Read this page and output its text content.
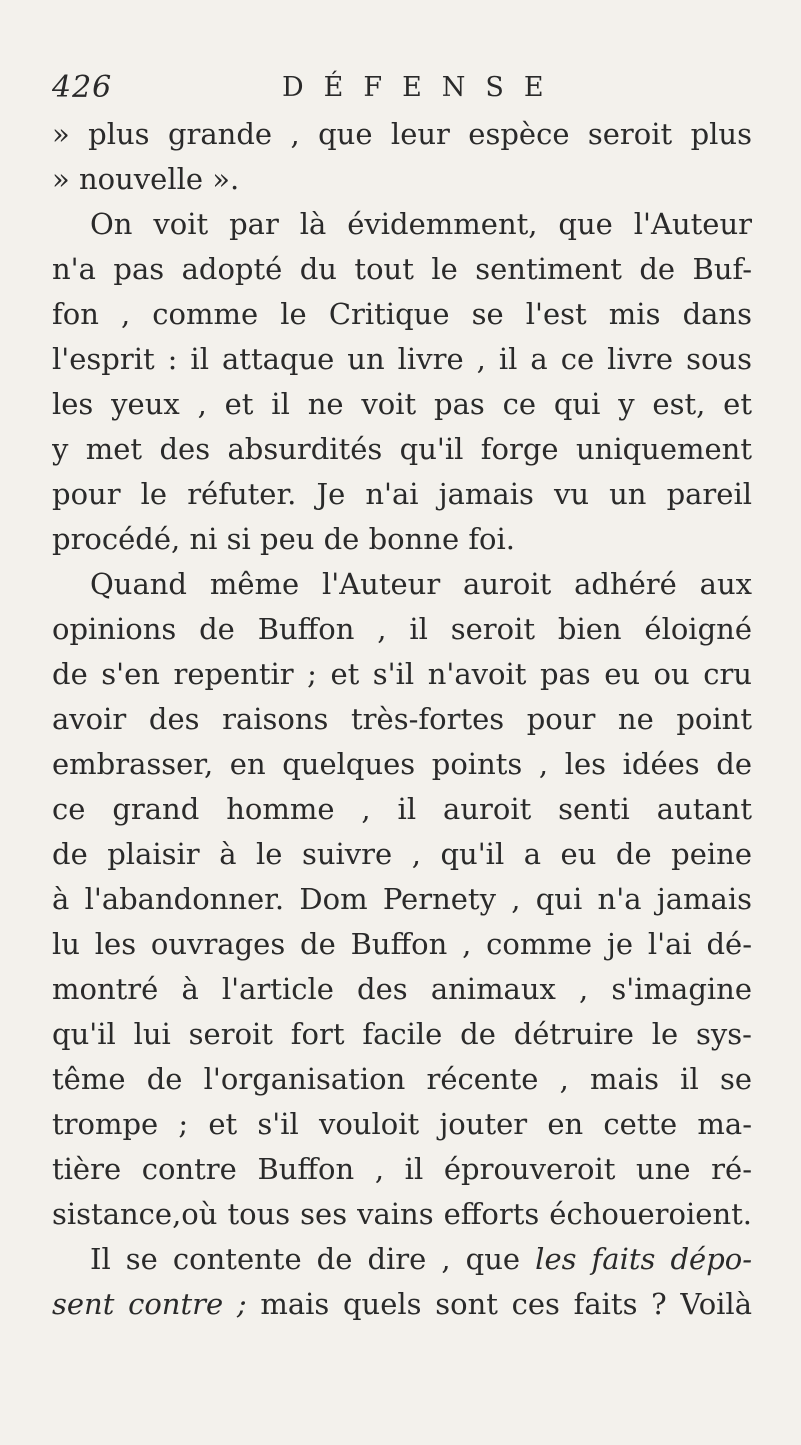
426	DÉFENSE
» plus grande , que leur espèce seroit plus
» nouvelle ».
On voit par là évidemment, que l'Auteur
n'a pas adopté du tout le sentiment de Buf-
fon , comme le Critique se l'est mis dans
l'esprit : il attaque un livre , il a ce livre sous
les yeux , et il ne voit pas ce qui y est, et
y met des absurdités qu'il forge uniquement
pour le réfuter. Je n'ai jamais vu un pareil
procédé, ni si peu de bonne foi.
Quand même l'Auteur auroit adhéré aux
opinions de Buffon , il seroit bien éloigné
de s'en repentir ; et s'il n'avoit pas eu ou cru
avoir des raisons très-fortes pour ne point
embrasser, en quelques points , les idées de
ce grand homme , il auroit senti autant
de plaisir à le suivre , qu'il a eu de peine
à l'abandonner. Dom Pernety , qui n'a jamais
lu les ouvrages de Buffon , comme je l'ai dé-
montré à l'article des animaux , s'imagine
qu'il lui seroit fort facile de détruire le sys-
tême de l'organisation récente , mais il se
trompe ; et s'il vouloit jouter en cette ma-
tière contre Buffon , il éprouveroit une ré-
sistance,où tous ses vains efforts échoueroient.
Il se contente de dire , que les faits dépo-
sent contre ; mais quels sont ces faits ? Voilà
